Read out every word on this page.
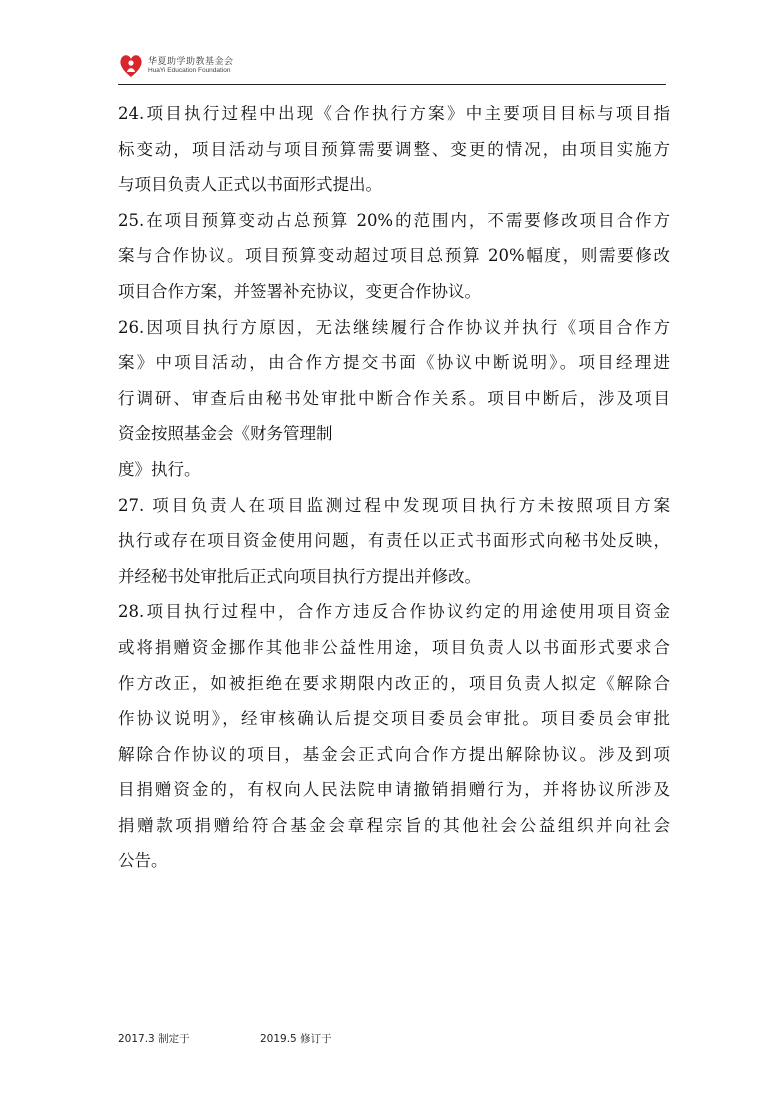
华夏助学助教基金会
HuaYi Education Foundation
24.项目执行过程中出现《合作执行方案》中主要项目目标与项目指
标变动，项目活动与项目预算需要调整、变更的情况，由项目实施方
与项目负责人正式以书面形式提出。
25.在项目预算变动占总预算 20%的范围内，不需要修改项目合作方
案与合作协议。项目预算变动超过项目总预算 20%幅度，则需要修改
项目合作方案，并签署补充协议，变更合作协议。
26.因项目执行方原因，无法继续履行合作协议并执行《项目合作方
案》中项目活动，由合作方提交书面《协议中断说明》。项目经理进
行调研、审查后由秘书处审批中断合作关系。项目中断后，涉及项目
资金按照基金会《财务管理制
度》执行。
27. 项目负责人在项目监测过程中发现项目执行方未按照项目方案
执行或存在项目资金使用问题，有责任以正式书面形式向秘书处反映，
并经秘书处审批后正式向项目执行方提出并修改。
28.项目执行过程中，合作方违反合作协议约定的用途使用项目资金
或将捐赠资金挪作其他非公益性用途，项目负责人以书面形式要求合
作方改正，如被拒绝在要求期限内改正的，项目负责人拟定《解除合
作协议说明》，经审核确认后提交项目委员会审批。项目委员会审批
解除合作协议的项目，基金会正式向合作方提出解除协议。涉及到项
目捐赠资金的，有权向人民法院申请撤销捐赠行为，并将协议所涉及
捐赠款项捐赠给符合基金会章程宗旨的其他社会公益组织并向社会
公告。
2017.3 制定于	2019.5 修订于
